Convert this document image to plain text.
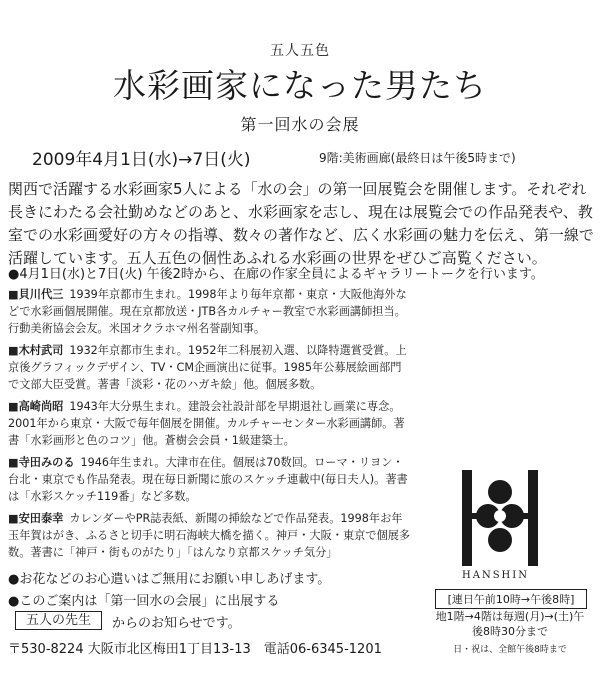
五人五色
水彩画家になった男たち
第一回水の会展
2009年4月1日(水)→7日(火)	9階:美術画廊(最終日は午後5時まで)
関西で活躍する水彩画家5人による「水の会」の第一回展覧会を開催します。それぞれ長きにわたる会社勤めなどのあと、水彩画家を志し、現在は展覧会での作品発表や、教室での水彩画愛好の方々の指導、数々の著作など、広く水彩画の魅力を伝え、第一線で活躍しています。五人五色の個性あふれる水彩画の世界をぜひご高覧ください。
●4月1日(水)と7日(火) 午後2時から、在廊の作家全員によるギャラリートークを行います。
■貝川代三 1939年京都市生まれ。1998年より毎年京都・東京・大阪他海外などで水彩画個展開催。現在京都放送・JTB各カルチャー教室で水彩画講師担当。行動美術協会会友。米国オクラホマ州名誉副知事。
■木村武司 1932年京都市生まれ。1952年二科展初入選、以降特選賞受賞。上京後グラフィックデザイン、TV・CM企画演出に従事。1985年公募展絵画部門で文部大臣受賞。著書「淡彩・花のハガキ絵」他。個展多数。
■高崎尚昭 1943年大分県生まれ。建設会社設計部を早期退社し画業に専念。2001年から東京・大阪で毎年個展を開催。カルチャーセンター水彩画講師。著書「水彩画形と色のコツ」他。蒼樹会会員・1級建築士。
■寺田みのる 1946年生まれ。大津市在住。個展は70数回。ローマ・リヨン・台北・東京でも作品発表。現在毎日新聞に旅のスケッチ連載中(毎日夫人)。著書は「水彩スケッチ119番」など多数。
■安田泰幸 カレンダーやPR誌表紙、新聞の挿絵などで作品発表。1998年お年玉年賀はがき、ふるさと切手に明石海峡大橋を描く。神戸・大阪・東京で個展多数。著書に「神戸・街ものがたり」「はんなり京都スケッチ気分」
●お花などのお心遣いはご無用にお願い申しあげます。
●このご案内は「第一回水の会展」に出展する
五人の先生	からのお知らせです。
〒530-8224 大阪市北区梅田1丁目13-13　電話06-6345-1201
HANSHIN
[連日午前10時→午後8時]
地1階→4階は毎週(月)→(土)午後8時30分まで
日・祝は、全館午後8時まで
